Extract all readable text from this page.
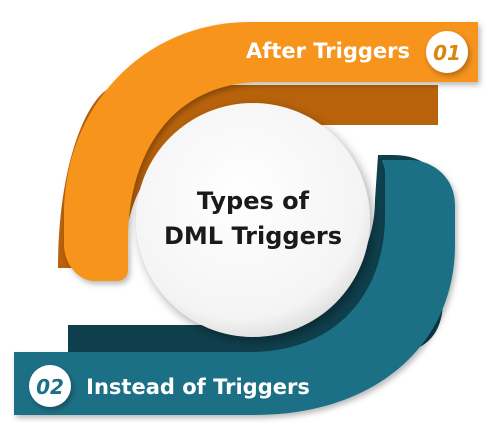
Types of
DML Triggers
After Triggers 01
02 Instead of Triggers
